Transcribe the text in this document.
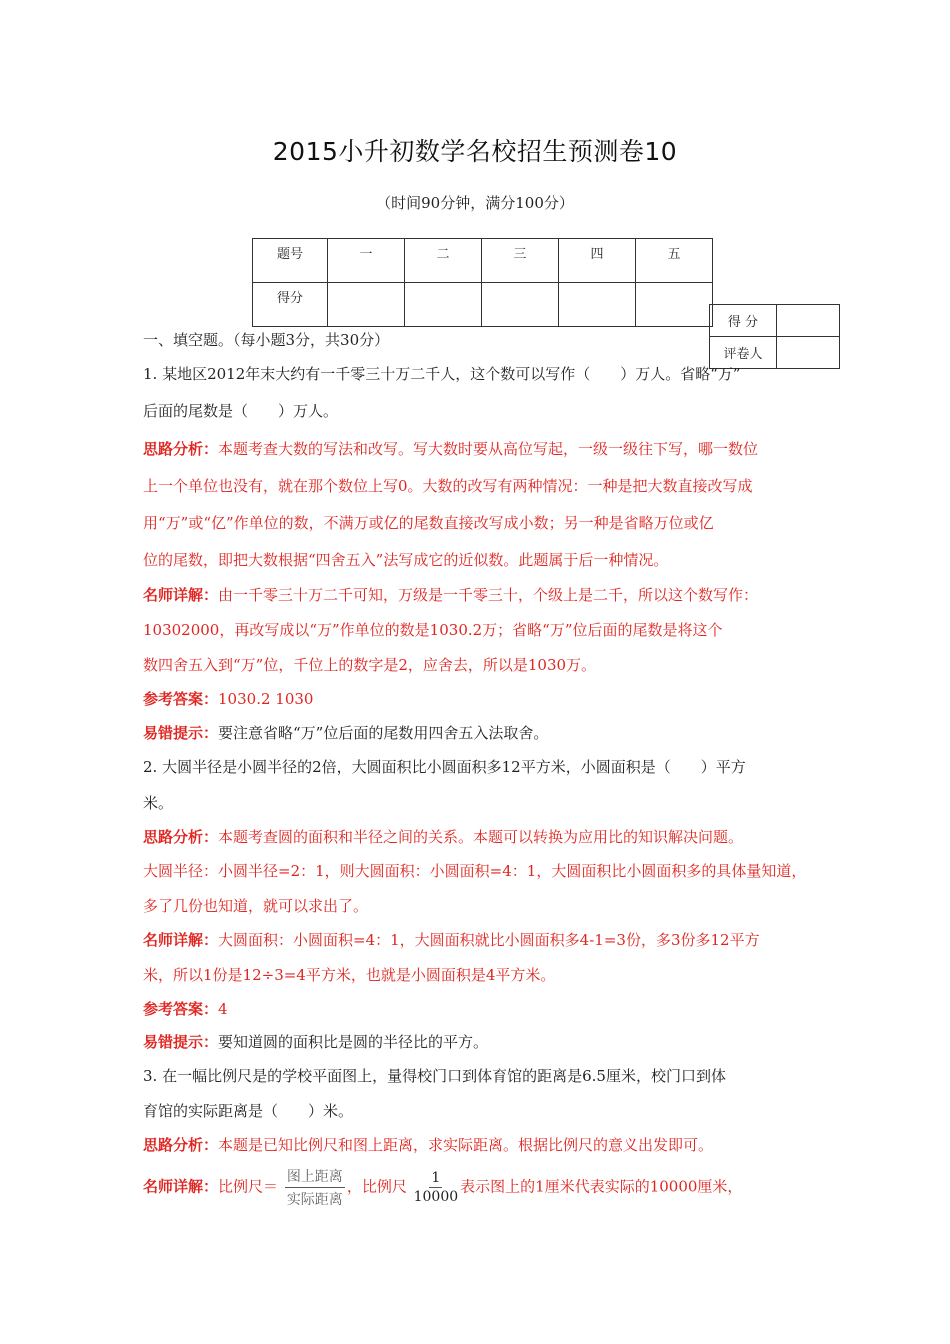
2015小升初数学名校招生预测卷10
（时间90分钟，满分100分）
题号	一	二	三	四	五
得分					
得 分	
评卷人	
一、填空题。（每小题3分，共30分）
1. 某地区2012年末大约有一千零三十万二千人，这个数可以写作（　　）万人。省略“万”
后面的尾数是（　　）万人。
思路分析：本题考查大数的写法和改写。写大数时要从高位写起，一级一级往下写，哪一数位
上一个单位也没有，就在那个数位上写0。大数的改写有两种情况：一种是把大数直接改写成
用“万”或“亿”作单位的数，不满万或亿的尾数直接改写成小数；另一种是省略万位或亿
位的尾数，即把大数根据“四舍五入”法写成它的近似数。此题属于后一种情况。
名师详解：由一千零三十万二千可知，万级是一千零三十，个级上是二千，所以这个数写作：
10302000，再改写成以“万”作单位的数是1030.2万；省略“万”位后面的尾数是将这个
数四舍五入到“万”位，千位上的数字是2，应舍去，所以是1030万。
参考答案：1030.2 1030
易错提示：要注意省略“万”位后面的尾数用四舍五入法取舍。
2. 大圆半径是小圆半径的2倍，大圆面积比小圆面积多12平方米，小圆面积是（　　）平方
米。
思路分析：本题考查圆的面积和半径之间的关系。本题可以转换为应用比的知识解决问题。
大圆半径：小圆半径=2：1，则大圆面积：小圆面积=4：1，大圆面积比小圆面积多的具体量知道，
多了几份也知道，就可以求出了。
名师详解：大圆面积：小圆面积=4：1，大圆面积就比小圆面积多4-1=3份，多3份多12平方
米，所以1份是12÷3=4平方米，也就是小圆面积是4平方米。
参考答案：4
易错提示：要知道圆的面积比是圆的半径比的平方。
3. 在一幅比例尺是的学校平面图上，量得校门口到体育馆的距离是6.5厘米，校门口到体
育馆的实际距离是（　　）米。
思路分析：本题是已知比例尺和图上距离，求实际距离。根据比例尺的意义出发即可。
名师详解：比例尺＝ $\frac{\text{图上距离}}{\text{实际距离}}$ ，比例尺 $\frac{1}{10000}$ 表示图上的1厘米代表实际的10000厘米，
